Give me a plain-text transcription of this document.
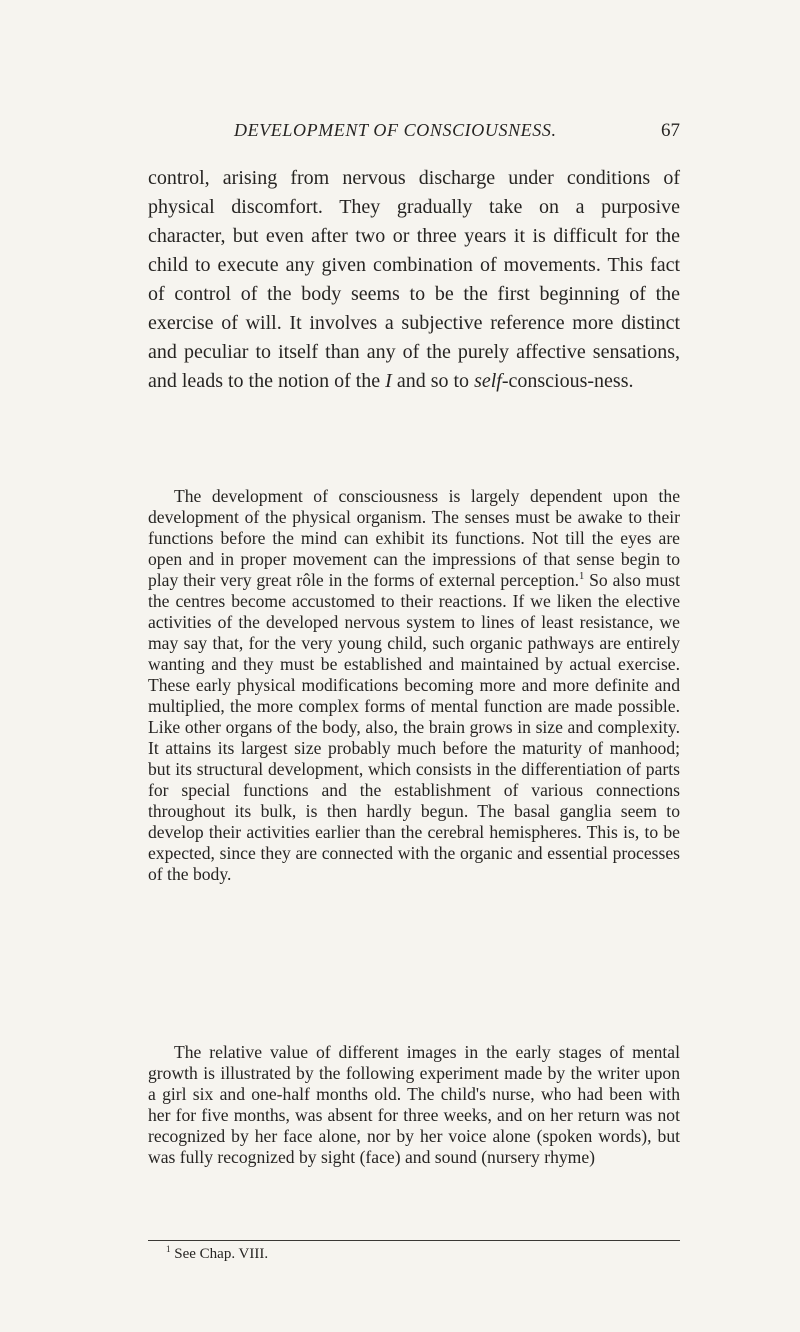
DEVELOPMENT OF CONSCIOUSNESS.	67

control, arising from nervous discharge under conditions of physical discomfort. They gradually take on a purposive character, but even after two or three years it is difficult for the child to execute any given combination of movements. This fact of control of the body seems to be the first beginning of the exercise of will. It involves a subjective reference more distinct and peculiar to itself than any of the purely affective sensations, and leads to the notion of the I and so to self-conscious-ness.

The development of consciousness is largely dependent upon the development of the physical organism. The senses must be awake to their functions before the mind can exhibit its functions. Not till the eyes are open and in proper movement can the impressions of that sense begin to play their very great rôle in the forms of external perception.$^1$ So also must the centres become accustomed to their reactions. If we liken the elective activities of the developed nervous system to lines of least resistance, we may say that, for the very young child, such organic pathways are entirely wanting and they must be established and maintained by actual exercise. These early physical modifications becoming more and more definite and multiplied, the more complex forms of mental function are made possible. Like other organs of the body, also, the brain grows in size and complexity. It attains its largest size probably much before the maturity of manhood; but its structural development, which consists in the differentiation of parts for special functions and the establishment of various connections throughout its bulk, is then hardly begun. The basal ganglia seem to develop their activities earlier than the cerebral hemispheres. This is, to be expected, since they are connected with the organic and essential processes of the body.

The relative value of different images in the early stages of mental growth is illustrated by the following experiment made by the writer upon a girl six and one-half months old. The child's nurse, who had been with her for five months, was absent for three weeks, and on her return was not recognized by her face alone, nor by her voice alone (spoken words), but was fully recognized by sight (face) and sound (nursery rhyme)

$^1$ See Chap. VIII.
